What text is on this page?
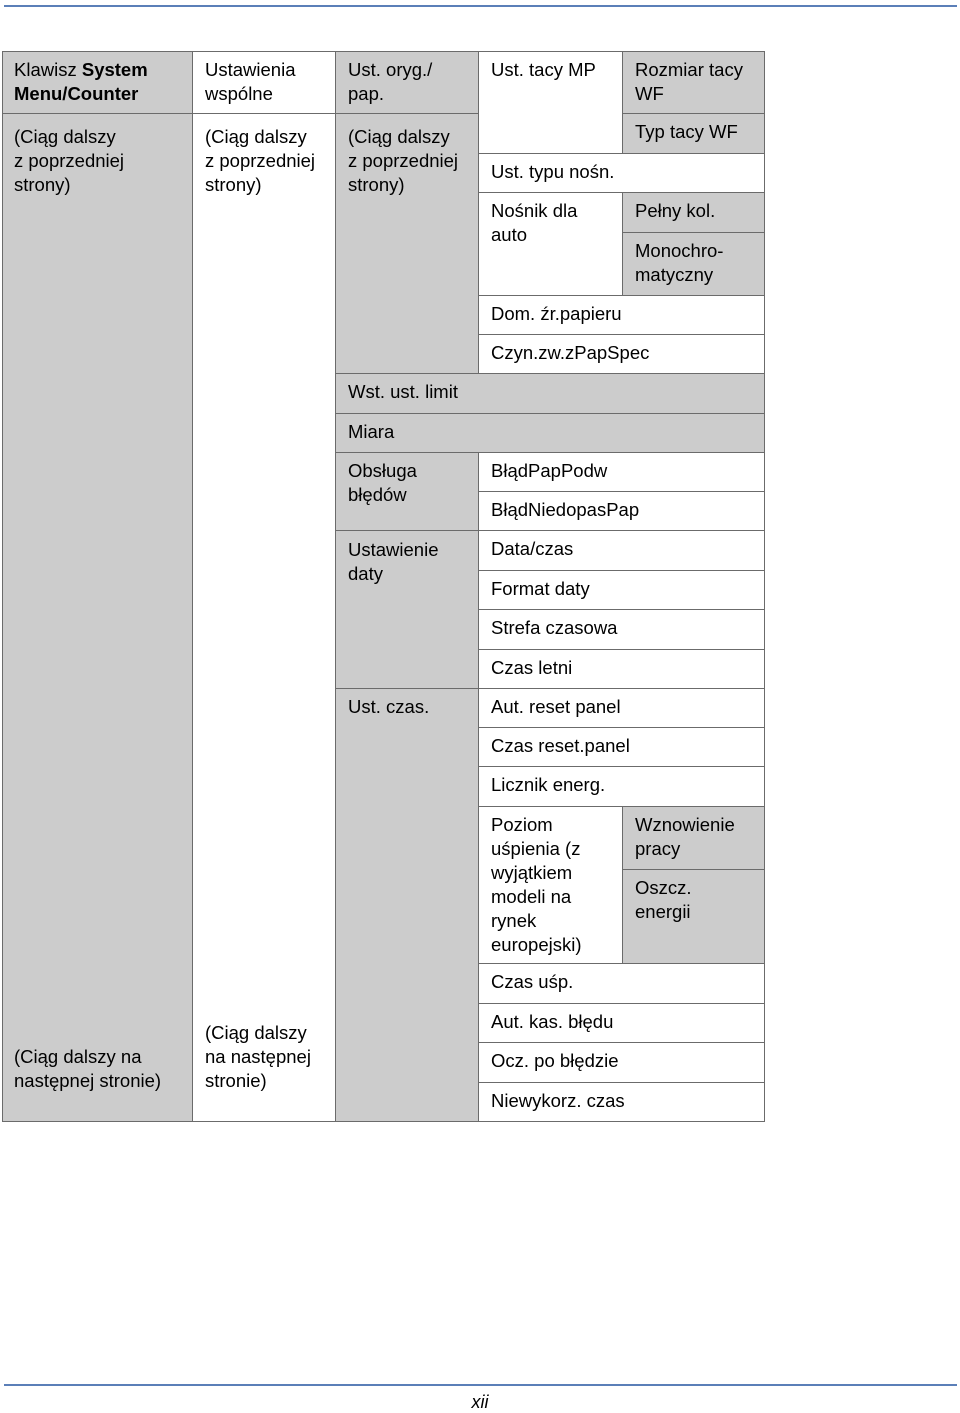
Klawisz System
Menu/Counter
(Ciąg dalszy
z poprzedniej
strony)
(Ciąg dalszy na
następnej stronie)
Ustawienia
wspólne
(Ciąg dalszy
z poprzedniej
strony)
(Ciąg dalszy
na następnej
stronie)
Ust. oryg./
pap.
(Ciąg dalszy
z poprzedniej
strony)
Ust. tacy MP
Ust. typu nośn.
Nośnik dla
auto
Rozmiar tacy
WF
Typ tacy WF
Pełny kol.
Monochro-
matyczny
Dom. źr.papieru
Czyn.zw.zPapSpec
Wst. ust. limit
Miara
Obsługa
błędów
Ustawienie
daty
Ust. czas.
BłądPapPodw
BłądNiedopasPap
Data/czas
Format daty
Strefa czasowa
Czas letni
Aut. reset panel
Czas reset.panel
Licznik energ.
Poziom
uśpienia (z
wyjątkiem
modeli na
rynek
europejski)
Wznowienie
pracy
Oszcz.
energii
Czas uśp.
Aut. kas. błędu
Ocz. po błędzie
Niewykorz. czas
xii
